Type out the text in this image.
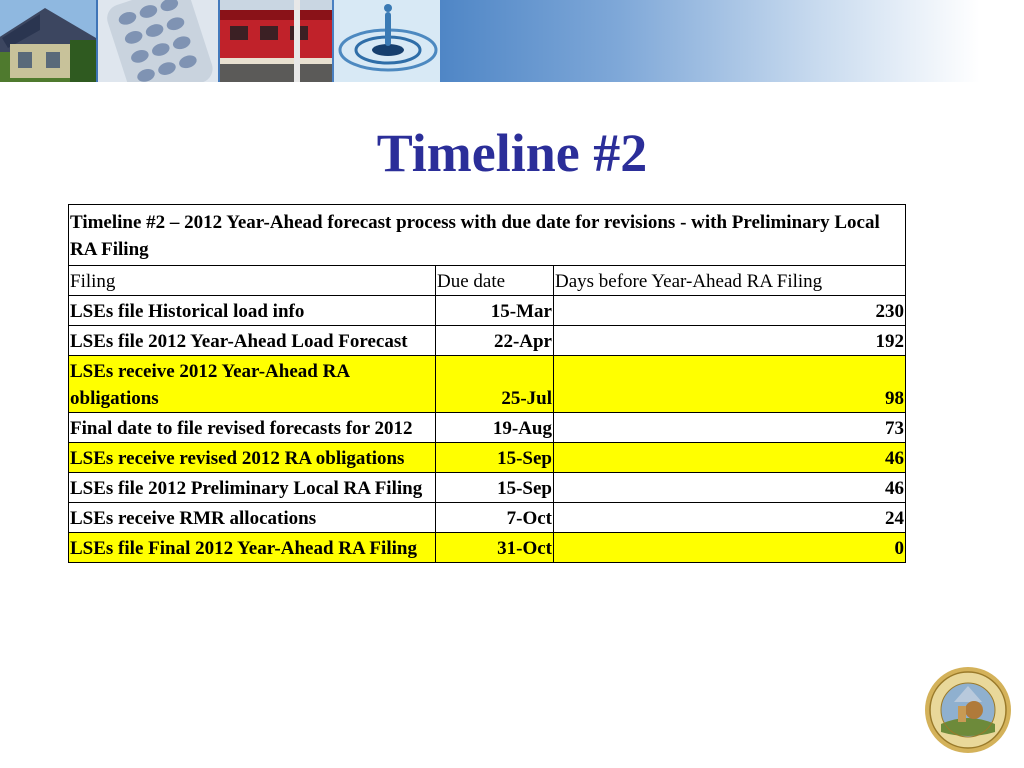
Timeline #2
Timeline #2 – 2012 Year-Ahead forecast process with due date for revisions - with Preliminary Local RA Filing		
Filing	Due date	Days before Year-Ahead RA Filing
LSEs file Historical load info	15-Mar	230
LSEs file 2012 Year-Ahead Load Forecast	22-Apr	192
LSEs receive 2012 Year-Ahead RA obligations	25-Jul	98
Final date to file revised forecasts for 2012	19-Aug	73
LSEs receive revised 2012 RA obligations	15-Sep	46
LSEs file 2012 Preliminary Local RA Filing	15-Sep	46
LSEs receive RMR allocations	7-Oct	24
LSEs file Final 2012 Year-Ahead RA Filing	31-Oct	0
